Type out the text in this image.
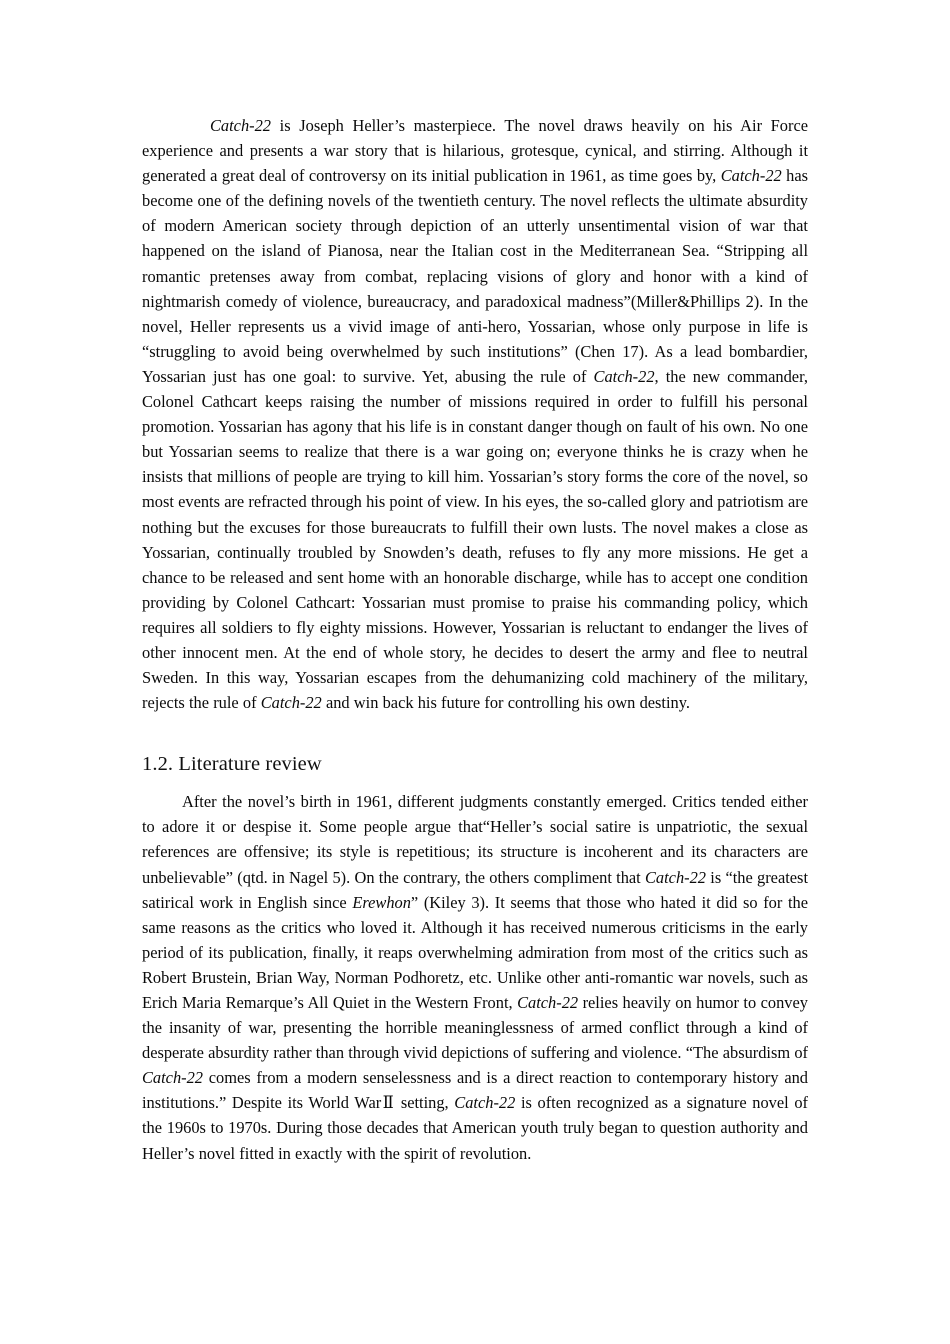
Catch-22 is Joseph Heller’s masterpiece. The novel draws heavily on his Air Force experience and presents a war story that is hilarious, grotesque, cynical, and stirring. Although it generated a great deal of controversy on its initial publication in 1961, as time goes by, Catch-22 has become one of the defining novels of the twentieth century. The novel reflects the ultimate absurdity of modern American society through depiction of an utterly unsentimental vision of war that happened on the island of Pianosa, near the Italian cost in the Mediterranean Sea. “Stripping all romantic pretenses away from combat, replacing visions of glory and honor with a kind of nightmarish comedy of violence, bureaucracy, and paradoxical madness”(Miller&Phillips 2). In the novel, Heller represents us a vivid image of anti-hero, Yossarian, whose only purpose in life is “struggling to avoid being overwhelmed by such institutions” (Chen 17). As a lead bombardier, Yossarian just has one goal: to survive. Yet, abusing the rule of Catch-22, the new commander, Colonel Cathcart keeps raising the number of missions required in order to fulfill his personal promotion. Yossarian has agony that his life is in constant danger though on fault of his own. No one but Yossarian seems to realize that there is a war going on; everyone thinks he is crazy when he insists that millions of people are trying to kill him. Yossarian’s story forms the core of the novel, so most events are refracted through his point of view. In his eyes, the so-called glory and patriotism are nothing but the excuses for those bureaucrats to fulfill their own lusts. The novel makes a close as Yossarian, continually troubled by Snowden’s death, refuses to fly any more missions. He get a chance to be released and sent home with an honorable discharge, while has to accept one condition providing by Colonel Cathcart: Yossarian must promise to praise his commanding policy, which requires all soldiers to fly eighty missions. However, Yossarian is reluctant to endanger the lives of other innocent men. At the end of whole story, he decides to desert the army and flee to neutral Sweden. In this way, Yossarian escapes from the dehumanizing cold machinery of the military, rejects the rule of Catch-22 and win back his future for controlling his own destiny.

1.2. Literature review

After the novel’s birth in 1961, different judgments constantly emerged. Critics tended either to adore it or despise it. Some people argue that“Heller’s social satire is unpatriotic, the sexual references are offensive; its style is repetitious; its structure is incoherent and its characters are unbelievable” (qtd. in Nagel 5). On the contrary, the others compliment that Catch-22 is “the greatest satirical work in English since Erewhon” (Kiley 3). It seems that those who hated it did so for the same reasons as the critics who loved it. Although it has received numerous criticisms in the early period of its publication, finally, it reaps overwhelming admiration from most of the critics such as Robert Brustein, Brian Way, Norman Podhoretz, etc. Unlike other anti-romantic war novels, such as Erich Maria Remarque’s All Quiet in the Western Front, Catch-22 relies heavily on humor to convey the insanity of war, presenting the horrible meaninglessness of armed conflict through a kind of desperate absurdity rather than through vivid depictions of suffering and violence. “The absurdism of Catch-22 comes from a modern senselessness and is a direct reaction to contemporary history and institutions.” Despite its World WarⅡ setting, Catch-22 is often recognized as a signature novel of the 1960s to 1970s. During those decades that American youth truly began to question authority and Heller’s novel fitted in exactly with the spirit of revolution.
